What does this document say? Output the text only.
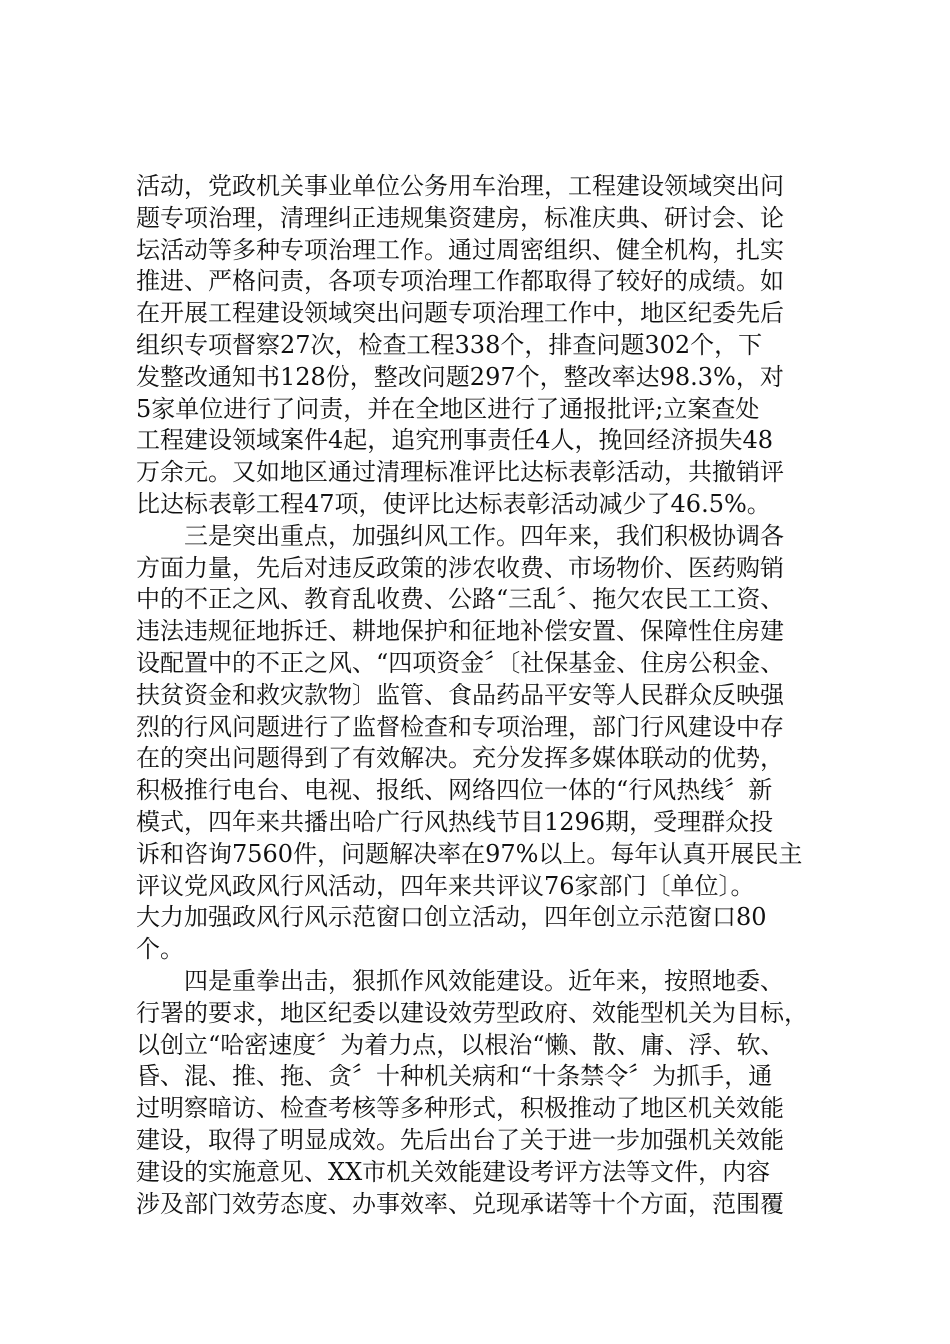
活动，党政机关事业单位公务用车治理，工程建设领域突出问
题专项治理，清理纠正违规集资建房，标准庆典、研讨会、论
坛活动等多种专项治理工作。通过周密组织、健全机构，扎实
推进、严格问责，各项专项治理工作都取得了较好的成绩。如
在开展工程建设领域突出问题专项治理工作中，地区纪委先后
组织专项督察27次，检查工程338个，排查问题302个，下
发整改通知书128份，整改问题297个，整改率达98.3%，对
5家单位进行了问责，并在全地区进行了通报批评;立案查处
工程建设领域案件4起，追究刑事责任4人，挽回经济损失48
万余元。又如地区通过清理标准评比达标表彰活动，共撤销评
比达标表彰工程47项，使评比达标表彰活动减少了46.5%。
三是突出重点，加强纠风工作。四年来，我们积极协调各
方面力量，先后对违反政策的涉农收费、市场物价、医药购销
中的不正之风、教育乱收费、公路“三乱〞、拖欠农民工工资、
违法违规征地拆迁、耕地保护和征地补偿安置、保障性住房建
设配置中的不正之风、“四项资金〞〔社保基金、住房公积金、
扶贫资金和救灾款物〕监管、食品药品平安等人民群众反映强
烈的行风问题进行了监督检查和专项治理，部门行风建设中存
在的突出问题得到了有效解决。充分发挥多媒体联动的优势，
积极推行电台、电视、报纸、网络四位一体的“行风热线〞新
模式，四年来共播出哈广行风热线节目1296期，受理群众投
诉和咨询7560件，问题解决率在97%以上。每年认真开展民主
评议党风政风行风活动，四年来共评议76家部门〔单位〕。
大力加强政风行风示范窗口创立活动，四年创立示范窗口80
个。
四是重拳出击，狠抓作风效能建设。近年来，按照地委、
行署的要求，地区纪委以建设效劳型政府、效能型机关为目标，
以创立“哈密速度〞为着力点，以根治“懒、散、庸、浮、软、
昏、混、推、拖、贪〞十种机关病和“十条禁令〞为抓手，通
过明察暗访、检查考核等多种形式，积极推动了地区机关效能
建设，取得了明显成效。先后出台了关于进一步加强机关效能
建设的实施意见、XX市机关效能建设考评方法等文件，内容
涉及部门效劳态度、办事效率、兑现承诺等十个方面，范围覆
